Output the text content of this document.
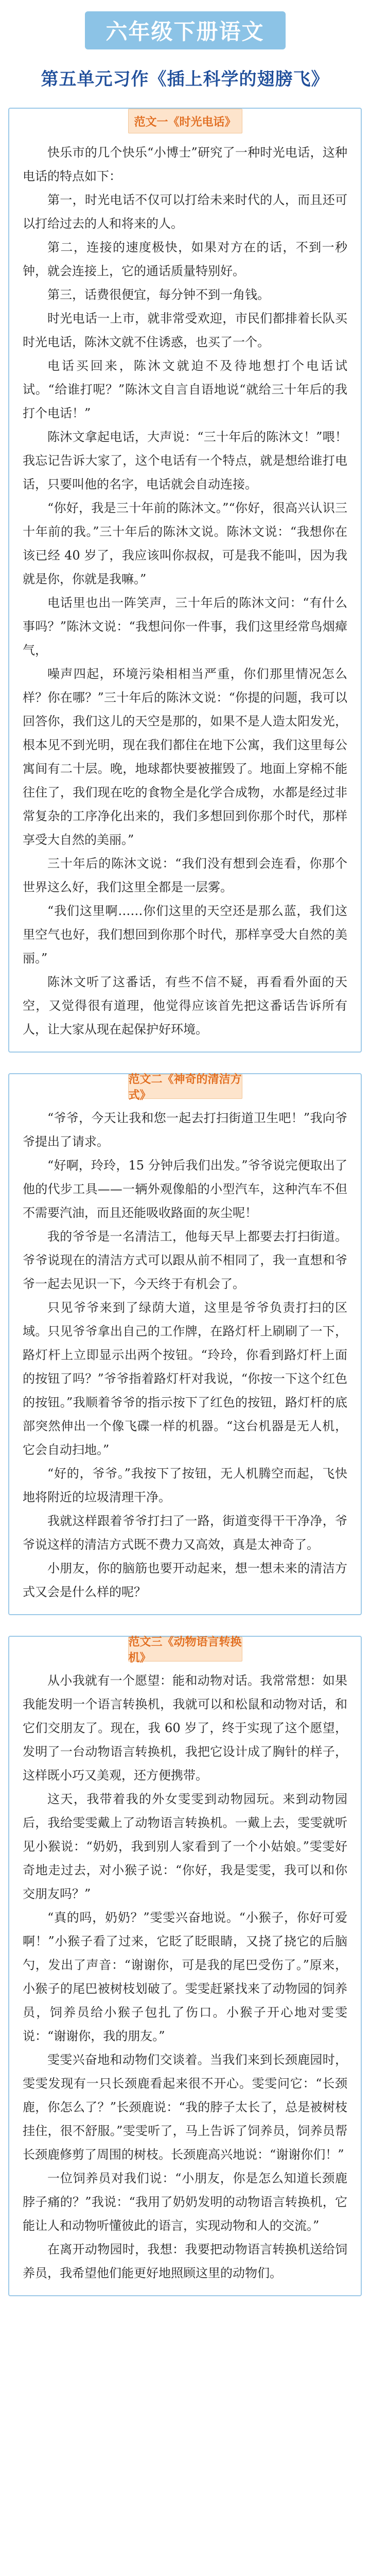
六年级下册语文
第五单元习作《插上科学的翅膀飞》
范文一《时光电话》

快乐市的几个快乐“小博士”研究了一种时光电话，这种电话的特点如下：

第一，时光电话不仅可以打给未来时代的人，而且还可以打给过去的人和将来的人。

第二，连接的速度极快，如果对方在的话，不到一秒钟，就会连接上，它的通话质量特别好。

第三，话费很便宜，每分钟不到一角钱。

时光电话一上市，就非常受欢迎，市民们都排着长队买时光电话，陈沐文就不住诱惑，也买了一个。

电话买回来，陈沐文就迫不及待地想打个电话试试。“给谁打呢？”陈沐文自言自语地说“就给三十年后的我打个电话！”

陈沐文拿起电话，大声说：“三十年后的陈沐文！”喂！我忘记告诉大家了，这个电话有一个特点，就是想给谁打电话，只要叫他的名字，电话就会自动连接。

“你好，我是三十年前的陈沐文。”“你好，很高兴认识三十年前的我。”三十年后的陈沐文说。陈沐文说：“我想你在该已经 40 岁了，我应该叫你叔叔，可是我不能叫，因为我就是你，你就是我嘛。”

电话里也出一阵笑声，三十年后的陈沐文问：“有什么事吗？”陈沐文说：“我想问你一件事，我们这里经常鸟烟瘴气，

噪声四起，环境污染相相当严重，你们那里情况怎么样？你在哪？”三十年后的陈沐文说：“你提的问题，我可以回答你，我们这儿的天空是那的，如果不是人造太阳发光，根本见不到光明，现在我们都住在地下公寓，我们这里每公寓间有二十层。晚，地球都快要被摧毁了。地面上穿棉不能往住了，我们现在吃的食物全是化学合成物，水都是经过非常复杂的工序净化出来的，我们多想回到你那个时代，那样享受大自然的美丽。”

三十年后的陈沐文说：“我们没有想到会连看，你那个世界这么好，我们这里全都是一层雾。

“我们这里啊……你们这里的天空还是那么蓝，我们这里空气也好，我们想回到你那个时代，那样享受大自然的美丽。”

陈沐文听了这番话，有些不信不疑，再看看外面的天空，又觉得很有道理，他觉得应该首先把这番话告诉所有人，让大家从现在起保护好环境。

范文二《神奇的清洁方式》

“爷爷，今天让我和您一起去打扫街道卫生吧！”我向爷爷提出了请求。

“好啊，玲玲，15 分钟后我们出发。”爷爷说完便取出了他的代步工具——一辆外观像船的小型汽车，这种汽车不但不需要汽油，而且还能吸收路面的灰尘呢！

我的爷爷是一名清洁工，他每天早上都要去打扫街道。爷爷说现在的清洁方式可以跟从前不相同了，我一直想和爷爷一起去见识一下，今天终于有机会了。

只见爷爷来到了绿荫大道，这里是爷爷负责打扫的区域。只见爷爷拿出自己的工作牌，在路灯杆上刷刷了一下，路灯杆上立即显示出两个按钮。“玲玲，你看到路灯杆上面的按钮了吗？”爷爷指着路灯杆对我说，“你按一下这个红色的按钮。”我顺着爷爷的指示按下了红色的按钮，路灯杆的底部突然伸出一个像飞碟一样的机器。“这台机器是无人机，它会自动扫地。”

“好的，爷爷。”我按下了按钮，无人机腾空而起，飞快地将附近的垃圾清理干净。

我就这样跟着爷爷打扫了一路，街道变得干干净净，爷爷说这样的清洁方式既不费力又高效，真是太神奇了。

小朋友，你的脑筋也要开动起来，想一想未来的清洁方式又会是什么样的呢？

范文三《动物语言转换机》

从小我就有一个愿望：能和动物对话。我常常想：如果我能发明一个语言转换机，我就可以和松鼠和动物对话，和它们交朋友了。现在，我 60 岁了，终于实现了这个愿望，发明了一台动物语言转换机，我把它设计成了胸针的样子，这样既小巧又美观，还方便携带。

这天，我带着我的外女雯雯到动物园玩。来到动物园后，我给雯雯戴上了动物语言转换机。一戴上去，雯雯就听见小猴说：“奶奶，我到别人家看到了一个小姑娘。”雯雯好奇地走过去，对小猴子说：“你好，我是雯雯，我可以和你交朋友吗？”

“真的吗，奶奶？”雯雯兴奋地说。“小猴子，你好可爱啊！”小猴子看了过来，它眨了眨眼睛，又挠了挠它的后脑勺，发出了声音：“谢谢你，可是我的尾巴受伤了。”原来，小猴子的尾巴被树枝划破了。雯雯赶紧找来了动物园的饲养员，饲养员给小猴子包扎了伤口。小猴子开心地对雯雯说：“谢谢你，我的朋友。”

雯雯兴奋地和动物们交谈着。当我们来到长颈鹿园时，雯雯发现有一只长颈鹿看起来很不开心。雯雯问它：“长颈鹿，你怎么了？”长颈鹿说：“我的脖子太长了，总是被树枝挂住，很不舒服。”雯雯听了，马上告诉了饲养员，饲养员帮长颈鹿修剪了周围的树枝。长颈鹿高兴地说：“谢谢你们！”

一位饲养员对我们说：“小朋友，你是怎么知道长颈鹿脖子痛的？”我说：“我用了奶奶发明的动物语言转换机，它能让人和动物听懂彼此的语言，实现动物和人的交流。”

在离开动物园时，我想：我要把动物语言转换机送给饲养员，我希望他们能更好地照顾这里的动物们。
